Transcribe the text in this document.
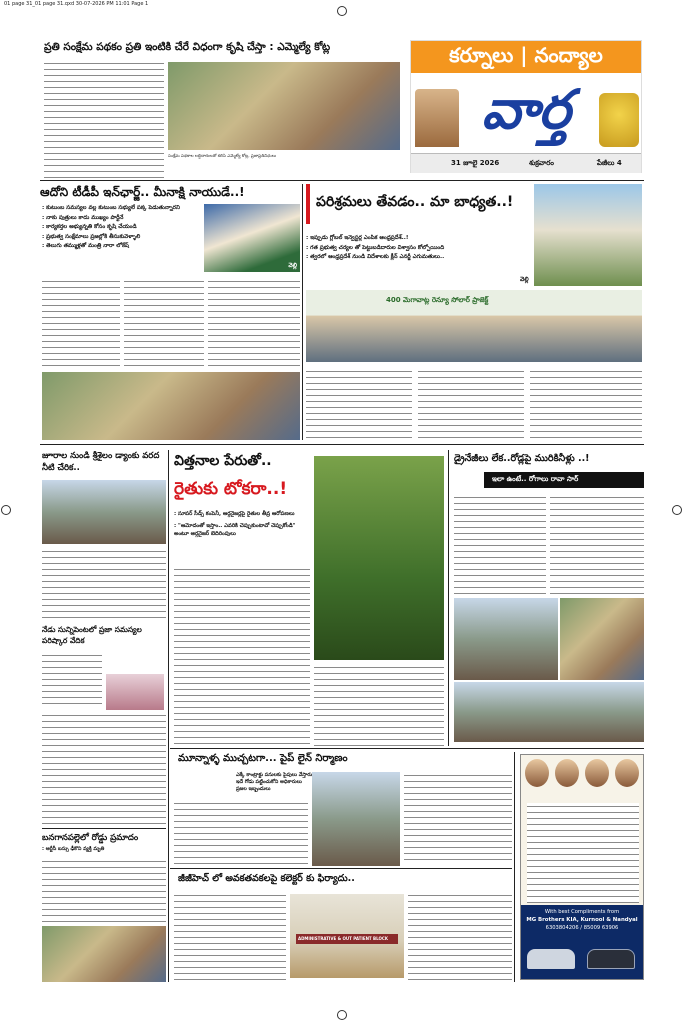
01 page 31_01 page 31.qxd 30-07-2026 PM 11:01 Page 1
ప్రతి సంక్షేమ పథకం ప్రతి ఇంటికి చేరే విధంగా కృషి చేస్తా : ఎమ్మెల్యే కోట్ల
సంక్షేమ పథకాల లబ్ధిదారులతో కలిసి ఎమ్మెల్యే కోట్ల, ప్రజాప్రతినిధులు
కర్నూలు | నంద్యాల
వార్త
31 జూలై 2026	శుక్రవారం	పేజీలు 4
ఆదోని టీడీపీ ఇన్‌ఛార్జ్.. మీనాక్షి నాయుడే..!
: కుటుంబ సమస్యల వల్ల కుటుంబ సభ్యులే పక్క పెడుతున్నారని
: నాకు పుత్రులు కాదు ముఖ్యం పార్టీనే
: కార్యకర్తల అభ్యున్నతి కోసం కృషి చేయండి
: ప్రభుత్వ సంక్షేమాలు ప్రజల్లోకి తీసుకువెళ్ళాలి
: తెలుగు తమ్ముళ్లతో మంత్రి నారా లోకేష్
వెల్లి
పరిశ్రమలు తేవడం.. మా బాధ్యత..!
: ఇప్పుడు గ్లోబల్ ఇన్వెస్టర్ల ఎంపిక ఆంధ్రప్రదేశ్..!
: గత ప్రభుత్వ చర్యల తో పెట్టుబడిదారుల విశ్వాసం కోల్పోయింది
: త్వరలో ఆంధ్రప్రదేశ్ నుండి విదేశాలకు క్లీన్ ఎనర్జీ ఎగుమతులు..
వెల్లి
400 మెగావాట్ల రెన్యూ సోలార్ ప్రాజెక్ట్
జూరాల నుండి శ్రీశైలం డ్యాంకు వరద నీటి చేరిక..
నేడు సున్నిపెంటలో ప్రజా సమస్యల పరిష్కార వేదిక
బనగానపల్లెలో రోడ్డు ప్రమాదం
: ఆర్టీసీ బస్సు ఢీకొని వ్యక్తి మృతి
విత్తనాల పేరుతో..
రైతుకు టోకరా..!
: సూపర్ సీడ్స్ కంపెనీ, ఆర్గనైజర్లపై రైతుల తీవ్ర ఆరోపణలు
: "ఆమోదంతో ఇస్తాం.. ఎవరికి చెప్పుకుంటావో చెప్పుకోండి" అంటూ ఆర్గనైజర్ బెదిరింపులు
డ్రైనేజీలు లేక..రోడ్లపై మురికినీళ్లు ..!
ఇలా ఉంటే.. రోగాలు రావా సార్
మూన్నాళ్ళ ముచ్చటగా... పైప్ లైన్ నిర్మాణం
ఎక్కే కాంట్రాక్టు పనులకు పైపులు వేస్తారు
ఇదే గోడు పట్టించుకోని అధికారులు
ప్రజల ఇబ్బందులు
జీజీహెచ్ లో అవకతవకలపై కలెక్టర్ కు ఫిర్యాదు..
ADMINISTRATIVE & OUT PATIENT BLOCK
With best Compliments from
MG Brothers KIA, Kurnool & Nandyal
6303804206 / 85009 63906
